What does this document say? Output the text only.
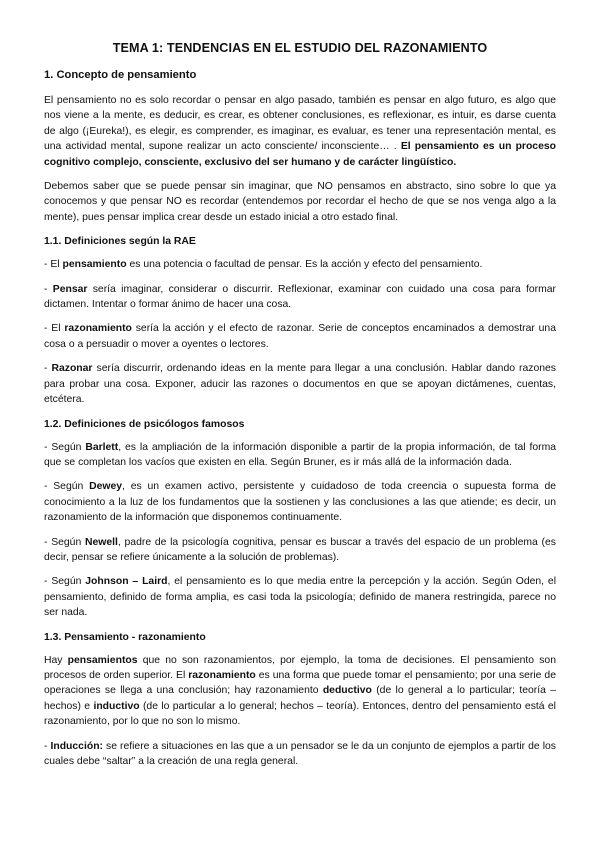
TEMA 1: TENDENCIAS EN EL ESTUDIO DEL RAZONAMIENTO
1. Concepto de pensamiento

El pensamiento no es solo recordar o pensar en algo pasado, también es pensar en algo futuro, es algo que nos viene a la mente, es deducir, es crear, es obtener conclusiones, es reflexionar, es intuir, es darse cuenta de algo (¡Eureka!), es elegir, es comprender, es imaginar, es evaluar, es tener una representación mental, es una actividad mental, supone realizar un acto consciente/ inconsciente… . El pensamiento es un proceso cognitivo complejo, consciente, exclusivo del ser humano y de carácter lingüístico.

Debemos saber que se puede pensar sin imaginar, que NO pensamos en abstracto, sino sobre lo que ya conocemos y que pensar NO es recordar (entendemos por recordar el hecho de que se nos venga algo a la mente), pues pensar implica crear desde un estado inicial a otro estado final.

1.1. Definiciones según la RAE

- El pensamiento es una potencia o facultad de pensar. Es la acción y efecto del pensamiento.

- Pensar sería imaginar, considerar o discurrir. Reflexionar, examinar con cuidado una cosa para formar dictamen. Intentar o formar ánimo de hacer una cosa.

- El razonamiento sería la acción y el efecto de razonar. Serie de conceptos encaminados a demostrar una cosa o a persuadir o mover a oyentes o lectores.

- Razonar sería discurrir, ordenando ideas en la mente para llegar a una conclusión. Hablar dando razones para probar una cosa. Exponer, aducir las razones o documentos en que se apoyan dictámenes, cuentas, etcétera.

1.2. Definiciones de psicólogos famosos

- Según Barlett, es la ampliación de la información disponible a partir de la propia información, de tal forma que se completan los vacíos que existen en ella. Según Bruner, es ir más allá de la información dada.

- Según Dewey, es un examen activo, persistente y cuidadoso de toda creencia o supuesta forma de conocimiento a la luz de los fundamentos que la sostienen y las conclusiones a las que atiende; es decir, un razonamiento de la información que disponemos continuamente.

- Según Newell, padre de la psicología cognitiva, pensar es buscar a través del espacio de un problema (es decir, pensar se refiere únicamente a la solución de problemas).

- Según Johnson – Laird, el pensamiento es lo que media entre la percepción y la acción. Según Oden, el pensamiento, definido de forma amplia, es casi toda la psicología; definido de manera restringida, parece no ser nada.

1.3. Pensamiento - razonamiento

Hay pensamientos que no son razonamientos, por ejemplo, la toma de decisiones. El pensamiento son procesos de orden superior. El razonamiento es una forma que puede tomar el pensamiento; por una serie de operaciones se llega a una conclusión; hay razonamiento deductivo (de lo general a lo particular; teoría – hechos) e inductivo (de lo particular a lo general; hechos – teoría). Entonces, dentro del pensamiento está el razonamiento, por lo que no son lo mismo.

- Inducción: se refiere a situaciones en las que a un pensador se le da un conjunto de ejemplos a partir de los cuales debe “saltar” a la creación de una regla general.
